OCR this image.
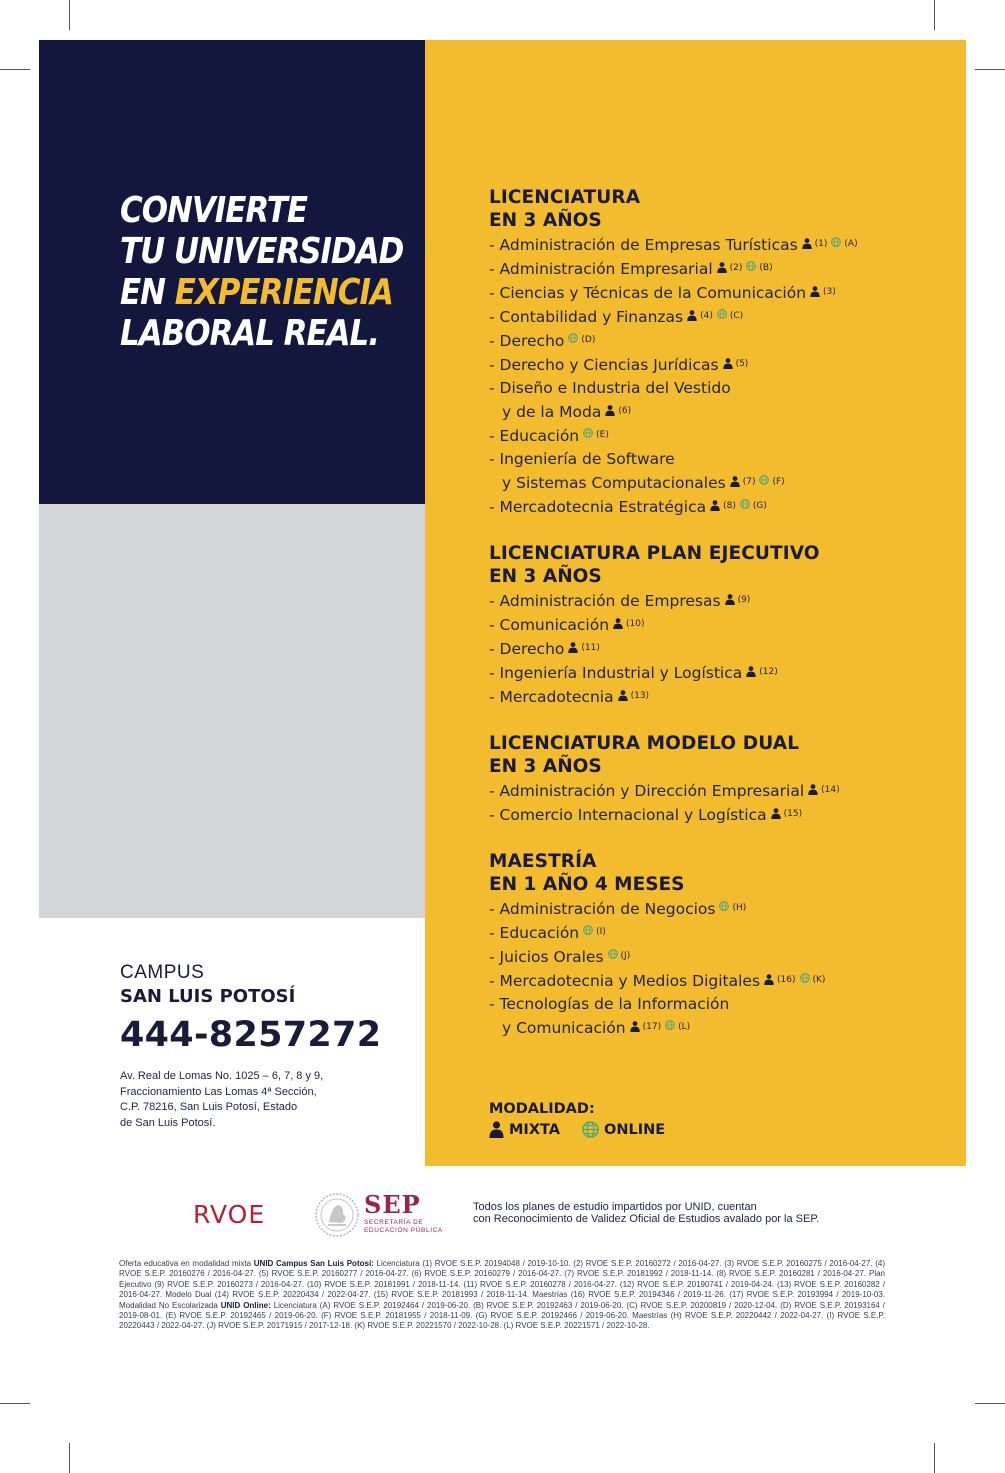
CONVIERTE
TU UNIVERSIDAD
EN EXPERIENCIA
LABORAL REAL.
LICENCIATURA
EN 3 AÑOS
- Administración de Empresas Turísticas $^{(1)}$ $^{(A)}$
- Administración Empresarial $^{(2)}$ $^{(B)}$
- Ciencias y Técnicas de la Comunicación $^{(3)}$
- Contabilidad y Finanzas $^{(4)}$ $^{(C)}$
- Derecho $^{(D)}$
- Derecho y Ciencias Jurídicas $^{(5)}$
- Diseño e Industria del Vestido
y de la Moda $^{(6)}$
- Educación $^{(E)}$
- Ingeniería de Software
y Sistemas Computacionales $^{(7)}$ $^{(F)}$
- Mercadotecnia Estratégica $^{(8)}$ $^{(G)}$
LICENCIATURA PLAN EJECUTIVO
EN 3 AÑOS
- Administración de Empresas $^{(9)}$
- Comunicación $^{(10)}$
- Derecho $^{(11)}$
- Ingeniería Industrial y Logística $^{(12)}$
- Mercadotecnia $^{(13)}$
LICENCIATURA MODELO DUAL
EN 3 AÑOS
- Administración y Dirección Empresarial $^{(14)}$
- Comercio Internacional y Logística $^{(15)}$
MAESTRÍA
EN 1 AÑO 4 MESES
- Administración de Negocios $^{(H)}$
- Educación $^{(I)}$
- Juicios Orales $^{(J)}$
- Mercadotecnia y Medios Digitales $^{(16)}$ $^{(K)}$
- Tecnologías de la Información
y Comunicación $^{(17)}$ $^{(L)}$
MODALIDAD:
MIXTA	ONLINE
CAMPUS
SAN LUIS POTOSÍ
444-8257272
Av. Real de Lomas No. 1025 – 6, 7, 8 y 9,
Fraccionamiento Las Lomas 4ª Sección,
C.P. 78216, San Luis Potosí, Estado
de San Luis Potosí.
RVOE	SEP
SECRETARÍA DE
EDUCACIÓN PÚBLICA
Todos los planes de estudio impartidos por UNID, cuentan
con Reconocimiento de Validez Oficial de Estudios avalado por la SEP.
Oferta educativa en modalidad mixta UNID Campus San Luis Potosí: Licenciatura (1) RVOE S.E.P. 20194048 / 2019-10-10. (2) RVOE S.E.P. 20160272 / 2016-04-27. (3) RVOE S.E.P. 20160275 / 2016-04-27. (4) RVOE S.E.P. 20160276 / 2016-04-27. (5) RVOE S.E.P. 20160277 / 2016-04-27. (6) RVOE S.E.P. 20160279 / 2016-04-27. (7) RVOE S.E.P. 20181992 / 2018-11-14. (8) RVOE S.E.P. 20160281 / 2016-04-27. Plan Ejecutivo (9) RVOE S.E.P. 20160273 / 2016-04-27. (10) RVOE S.E.P. 20181991 / 2018-11-14. (11) RVOE S.E.P. 20160278 / 2016-04-27. (12) RVOE S.E.P. 20190741 / 2019-04-24. (13) RVOE S.E.P. 20160282 / 2016-04-27. Modelo Dual (14) RVOE S.E.P. 20220434 / 2022-04-27. (15) RVOE S.E.P. 20181993 / 2018-11-14. Maestrías (16) RVOE S.E.P. 20194346 / 2019-11-26. (17) RVOE S.E.P. 20193994 / 2019-10-03. Modalidad No Escolarizada UNID Online: Licenciatura (A) RVOE S.E.P. 20192464 / 2019-06-20. (B) RVOE S.E.P. 20192463 / 2019-06-20. (C) RVOE S.E.P. 20200819 / 2020-12-04. (D) RVOE S.E.P. 20193164 / 2019-08-01. (E) RVOE S.E.P. 20192465 / 2019-06-20. (F) RVOE S.E.P. 20181955 / 2018-11-09. (G) RVOE S.E.P. 20192466 / 2019-06-20. Maestrías (H) RVOE S.E.P. 20220442 / 2022-04-27. (I) RVOE S.E.P. 20220443 / 2022-04-27. (J) RVOE S.E.P. 20171915 / 2017-12-18. (K) RVOE S.E.P. 20221570 / 2022-10-28. (L) RVOE S.E.P. 20221571 / 2022-10-28.
